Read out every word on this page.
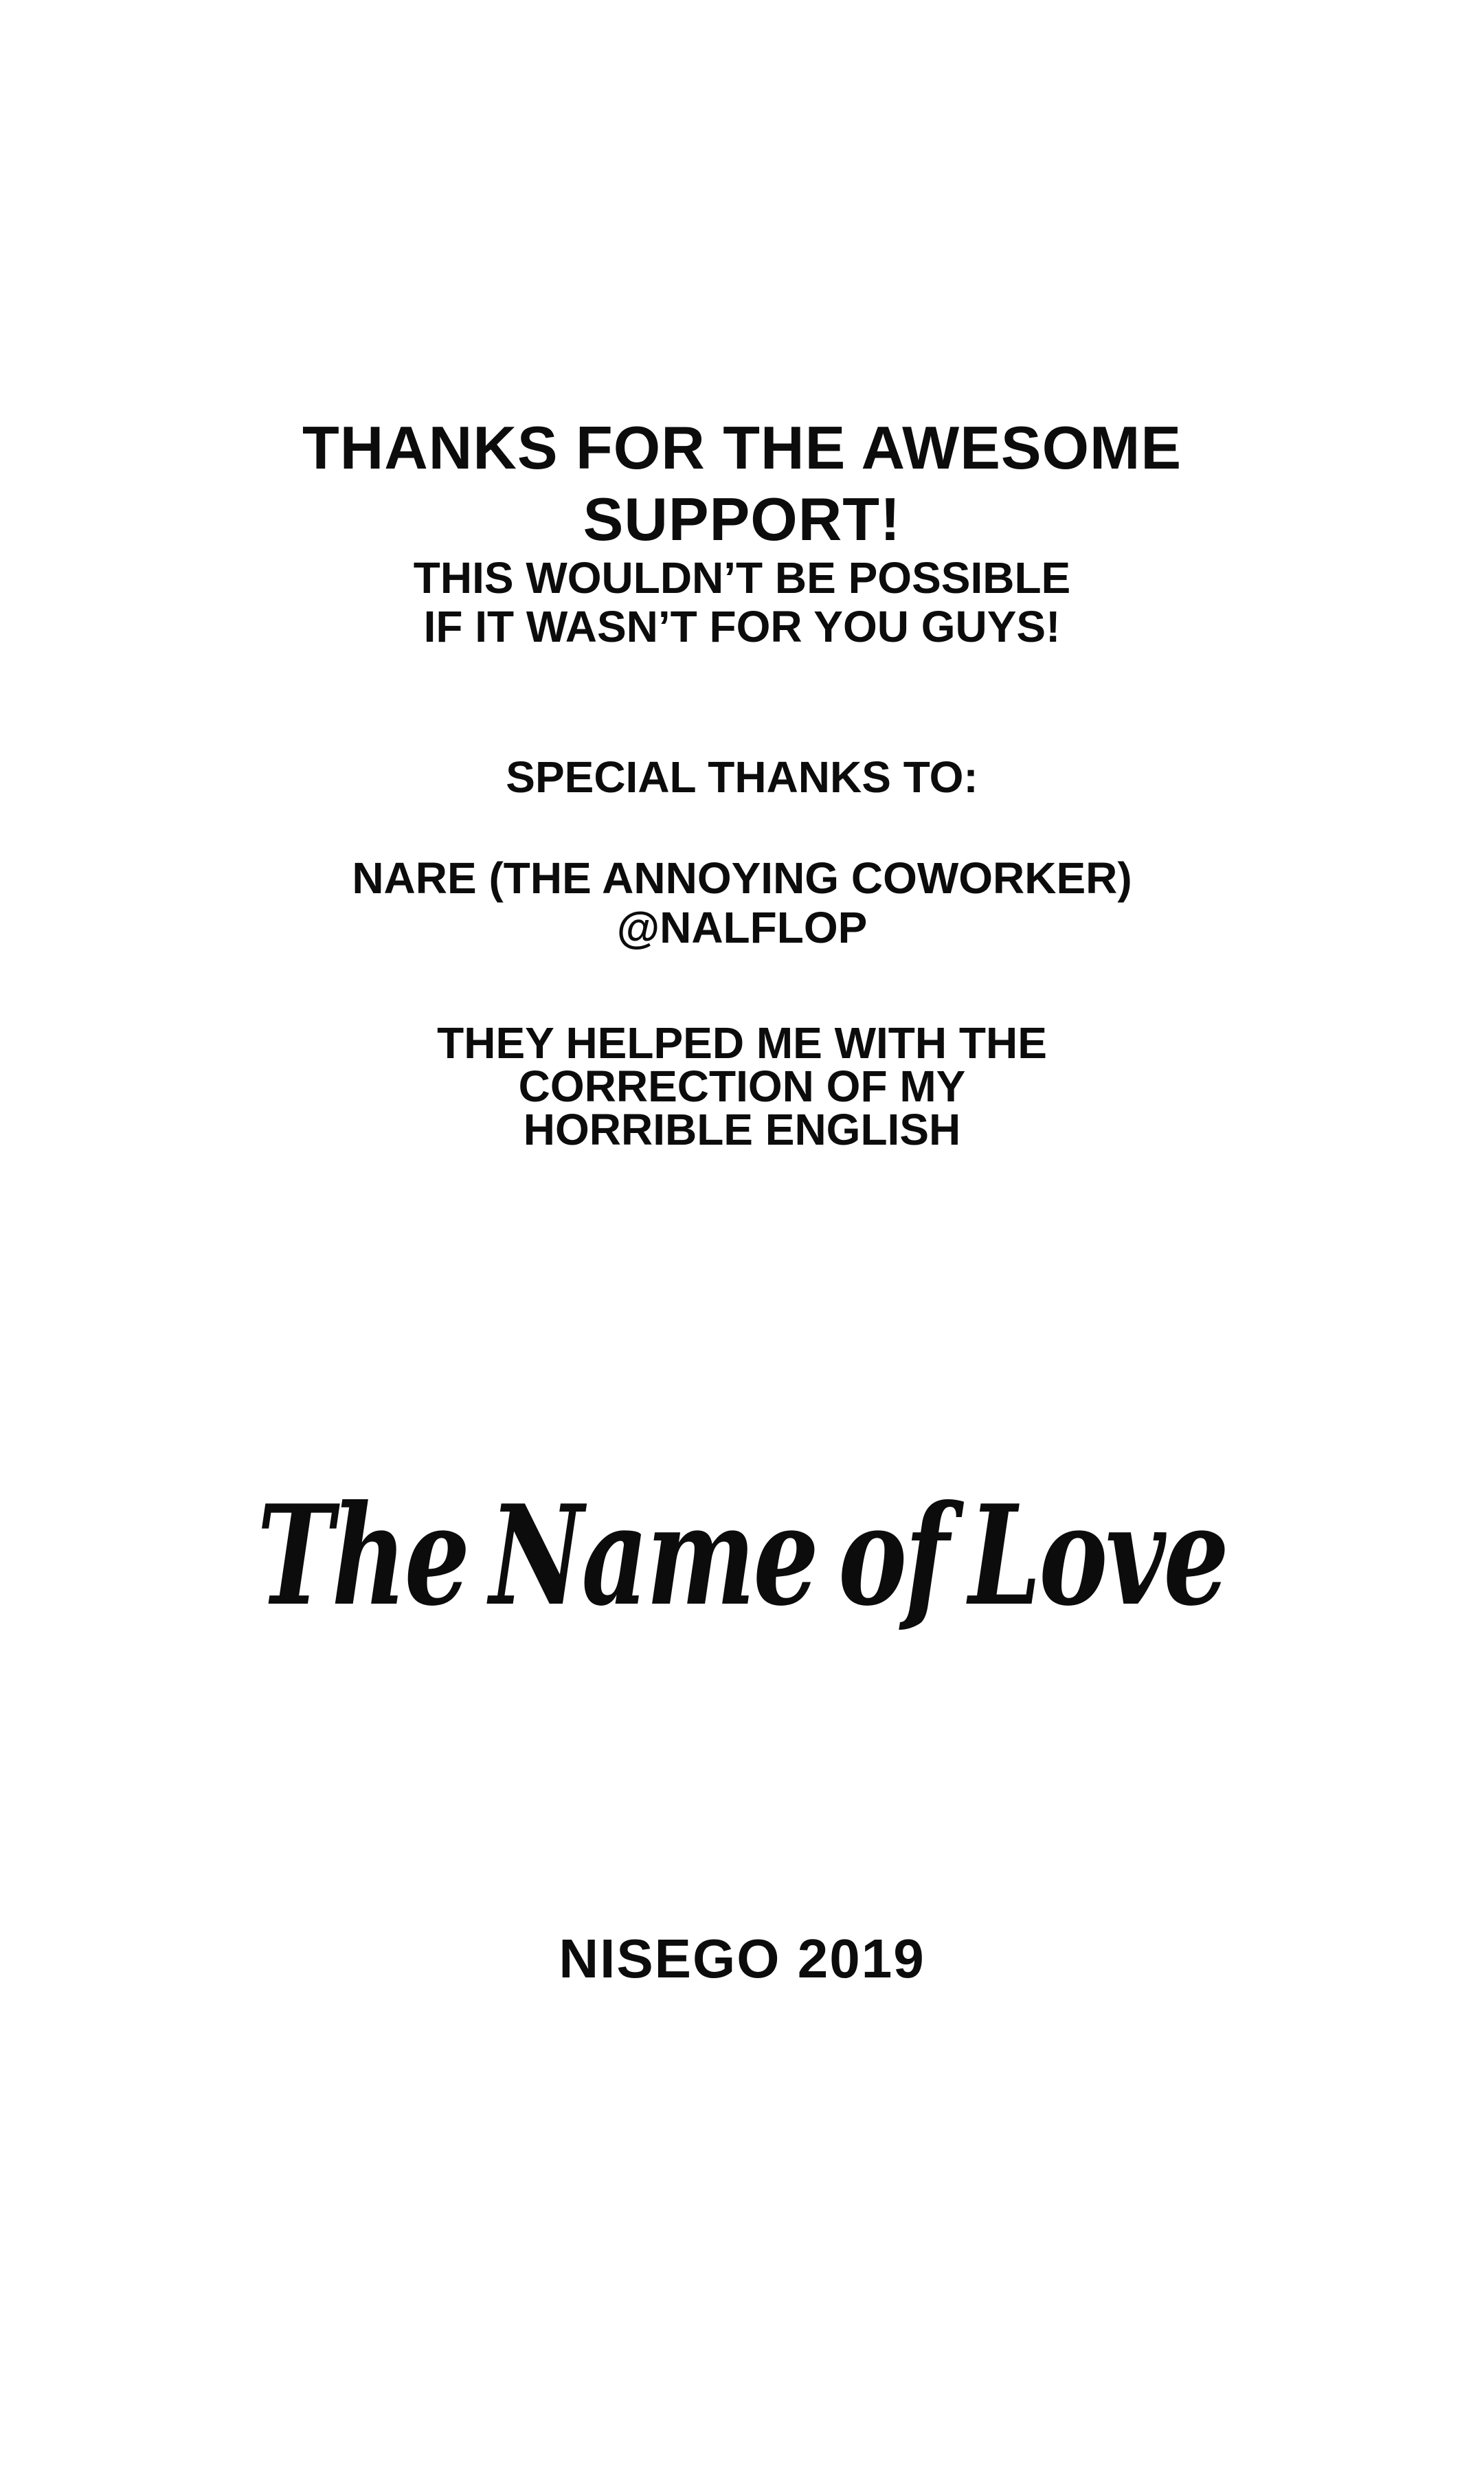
THANKS FOR THE AWESOME
SUPPORT!
THIS WOULDN’T BE POSSIBLE
IF IT WASN’T FOR YOU GUYS!
SPECIAL THANKS TO:
NARE (THE ANNOYING COWORKER)
@NALFLOP
THEY HELPED ME WITH THE
CORRECTION OF MY
HORRIBLE ENGLISH
The Name of Love
NISEGO 2019
